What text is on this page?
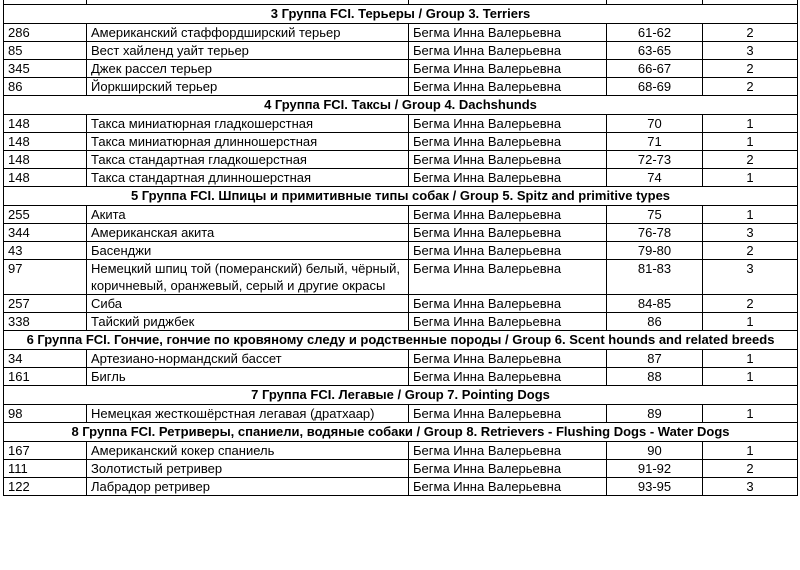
3 Группа FCI. Терьеры / Group 3. Terriers				
286	Американский стаффордширский терьер	Бегма Инна Валерьевна	61-62	2
85	Вест хайленд уайт терьер	Бегма Инна Валерьевна	63-65	3
345	Джек рассел терьер	Бегма Инна Валерьевна	66-67	2
86	Йоркширский терьер	Бегма Инна Валерьевна	68-69	2
4 Группа FCI. Таксы / Group 4. Dachshunds				
148	Такса миниатюрная гладкошерстная	Бегма Инна Валерьевна	70	1
148	Такса миниатюрная длинношерстная	Бегма Инна Валерьевна	71	1
148	Такса стандартная гладкошерстная	Бегма Инна Валерьевна	72-73	2
148	Такса стандартная длинношерстная	Бегма Инна Валерьевна	74	1
5 Группа FCI. Шпицы и примитивные типы собак / Group 5. Spitz and primitive types				
255	Акита	Бегма Инна Валерьевна	75	1
344	Американская акита	Бегма Инна Валерьевна	76-78	3
43	Басенджи	Бегма Инна Валерьевна	79-80	2
97	Немецкий шпиц той (померанский) белый, чёрный, коричневый, оранжевый, серый и другие окрасы	Бегма Инна Валерьевна	81-83	3
257	Сиба	Бегма Инна Валерьевна	84-85	2
338	Тайский риджбек	Бегма Инна Валерьевна	86	1
6 Группа FCI. Гончие, гончие по кровяному следу и родственные породы / Group 6. Scent hounds and related breeds				
34	Артезиано-нормандский бассет	Бегма Инна Валерьевна	87	1
161	Бигль	Бегма Инна Валерьевна	88	1
7 Группа FCI. Легавые / Group 7. Pointing Dogs				
98	Немецкая жесткошёрстная легавая (дратхаар)	Бегма Инна Валерьевна	89	1
8 Группа FCI. Ретриверы, спаниели, водяные собаки / Group 8. Retrievers - Flushing Dogs - Water Dogs				
167	Американский кокер спаниель	Бегма Инна Валерьевна	90	1
111	Золотистый ретривер	Бегма Инна Валерьевна	91-92	2
122	Лабрадор ретривер	Бегма Инна Валерьевна	93-95	3
